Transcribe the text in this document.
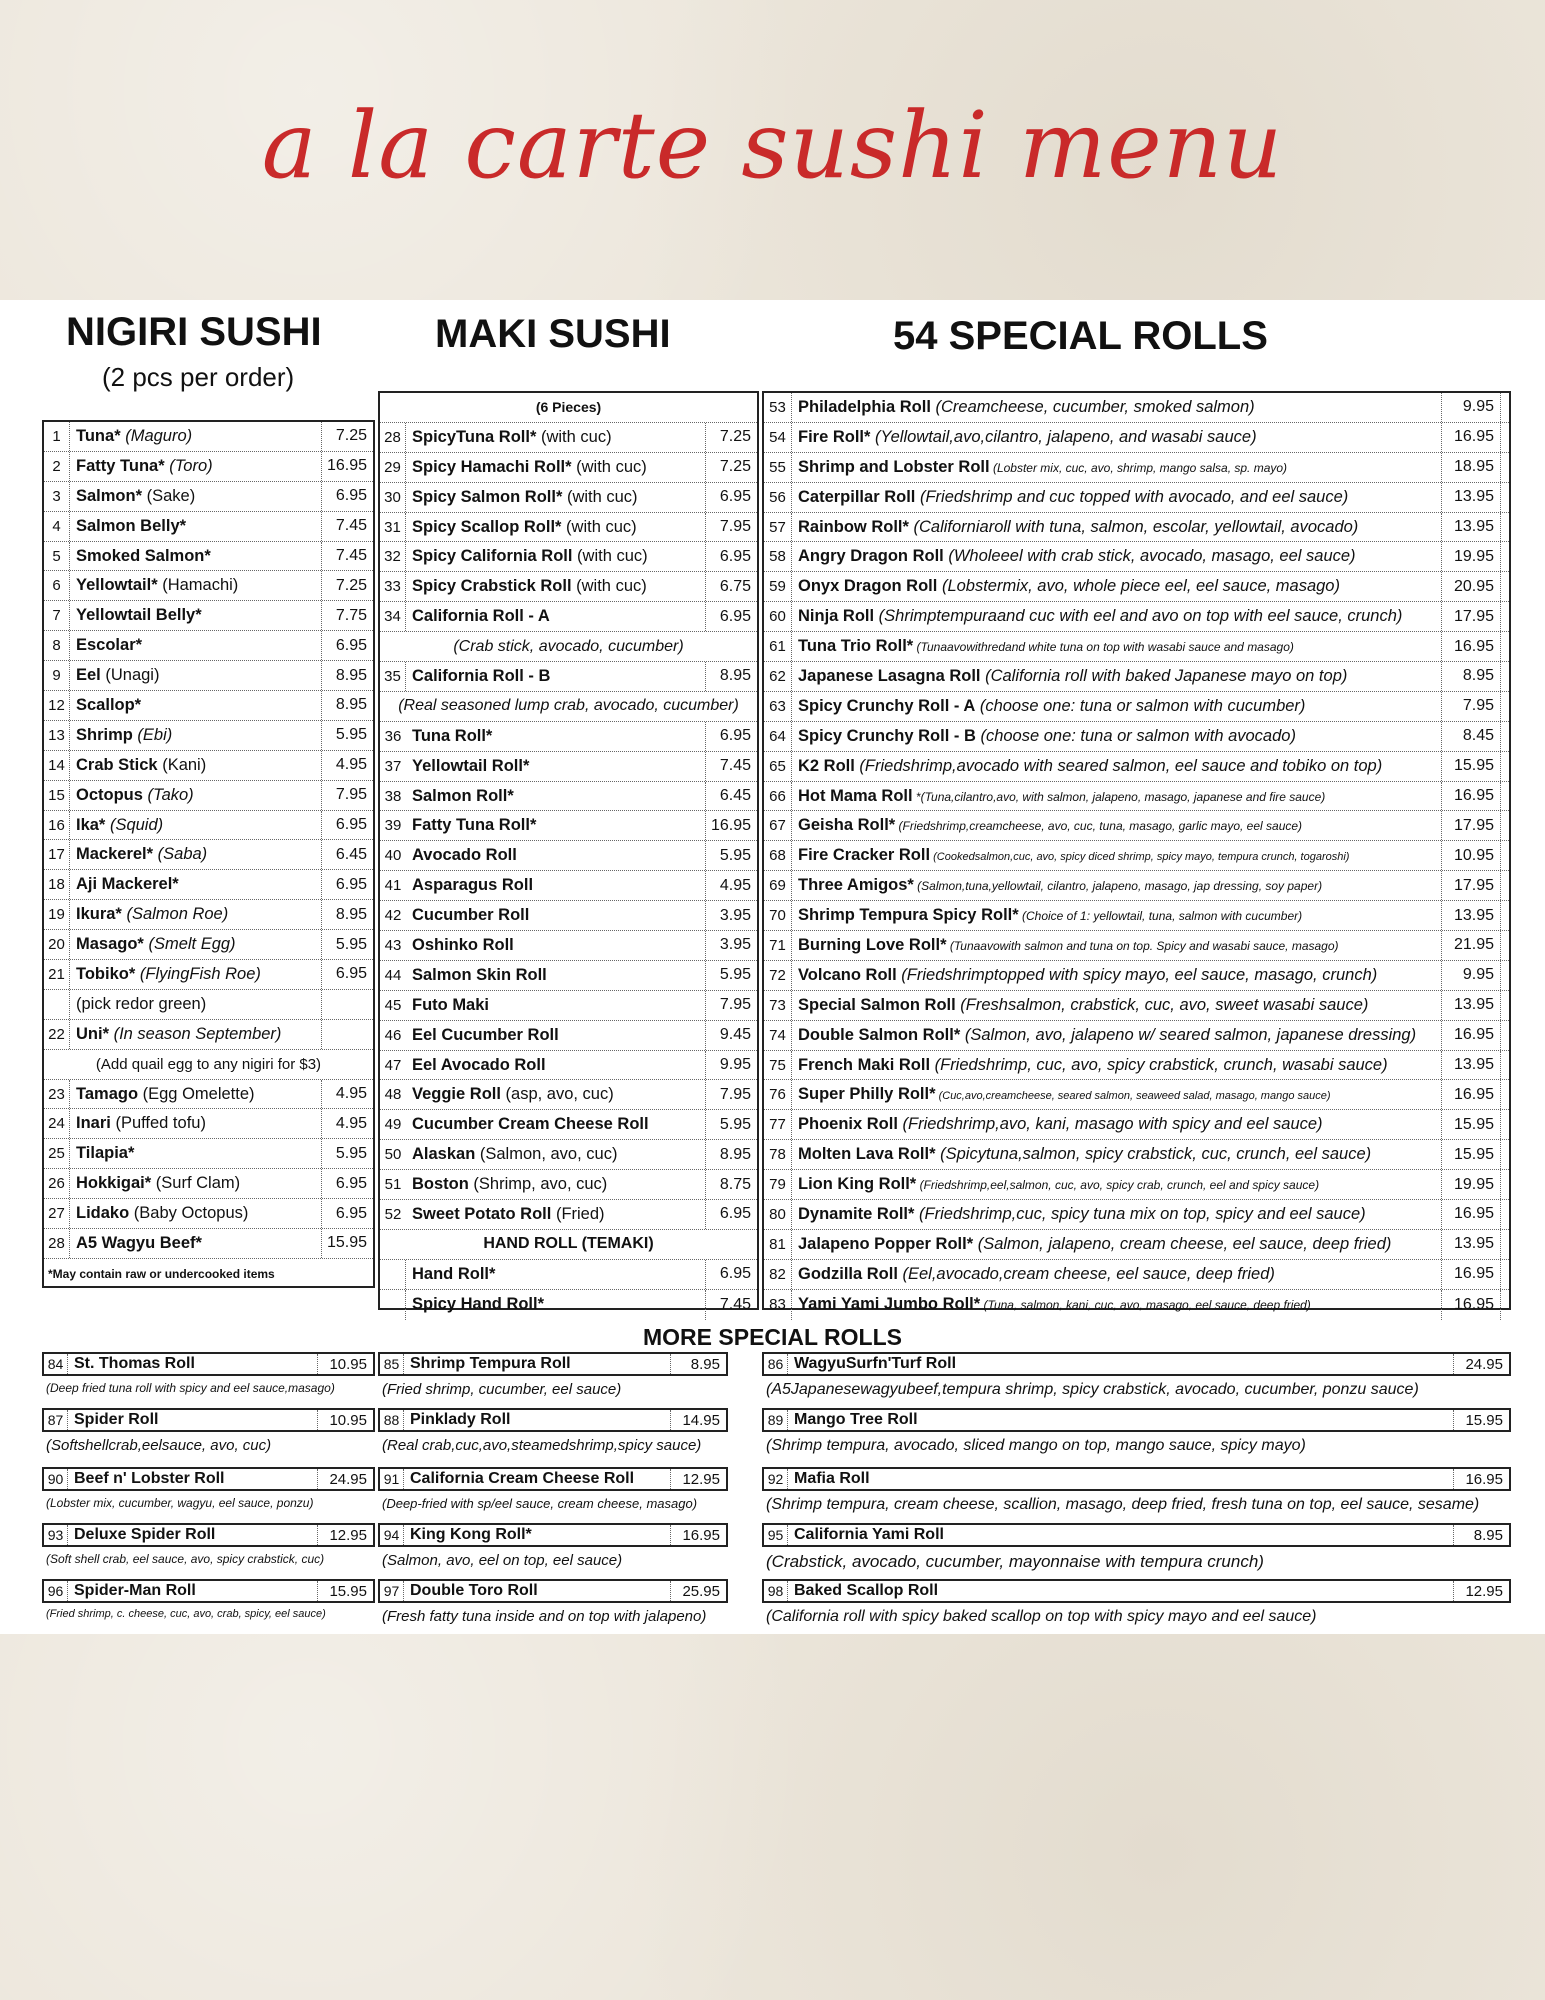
a la carte sushi menu
NIGIRI SUSHI
(2 pcs per order)
MAKI SUSHI	54 SPECIAL ROLLS
1 Tuna* (Maguro)	7.25
2 Fatty Tuna* (Toro)	16.95
3 Salmon* (Sake)	6.95
4 Salmon Belly*	7.45
5 Smoked Salmon*	7.45
6 Yellowtail* (Hamachi)	7.25
7 Yellowtail Belly*	7.75
8 Escolar*	6.95
9 Eel (Unagi)	8.95
12 Scallop*	8.95
13 Shrimp (Ebi)	5.95
14 Crab Stick (Kani)	4.95
15 Octopus (Tako)	7.95
16 Ika* (Squid)	6.95
17 Mackerel* (Saba)	6.45
18 Aji Mackerel*	6.95
19 Ikura* (Salmon Roe)	8.95
20 Masago* (Smelt Egg)	5.95
21 Tobiko* (FlyingFish Roe)	6.95
(pick redor green)
22 Uni* (In season September)
(Add quail egg to any nigiri for $3)
23 Tamago (Egg Omelette)	4.95
24 Inari (Puffed tofu)	4.95
25 Tilapia*	5.95
26 Hokkigai* (Surf Clam)	6.95
27 Lidako (Baby Octopus)	6.95
28 A5 Wagyu Beef*	15.95
*May contain raw or undercooked items
(6 Pieces)
28 SpicyTuna Roll* (with cuc)	7.25
29 Spicy Hamachi Roll* (with cuc)	7.25
30 Spicy Salmon Roll* (with cuc)	6.95
31 Spicy Scallop Roll* (with cuc)	7.95
32 Spicy California Roll (with cuc)	6.95
33 Spicy Crabstick Roll (with cuc)	6.75
34 California Roll - A	6.95
(Crab stick, avocado, cucumber)
35 California Roll - B	8.95
(Real seasoned lump crab, avocado, cucumber)
36 Tuna Roll*	6.95
37 Yellowtail Roll*	7.45
38 Salmon Roll*	6.45
39 Fatty Tuna Roll*	16.95
40 Avocado Roll	5.95
41 Asparagus Roll	4.95
42 Cucumber Roll	3.95
43 Oshinko Roll	3.95
44 Salmon Skin Roll	5.95
45 Futo Maki	7.95
46 Eel Cucumber Roll	9.45
47 Eel Avocado Roll	9.95
48 Veggie Roll (asp, avo, cuc)	7.95
49 Cucumber Cream Cheese Roll	5.95
50 Alaskan (Salmon, avo, cuc)	8.95
51 Boston (Shrimp, avo, cuc)	8.75
52 Sweet Potato Roll (Fried)	6.95
HAND ROLL (TEMAKI)
Hand Roll*	6.95
Spicy Hand Roll*	7.45
53 Philadelphia Roll (Creamcheese, cucumber, smoked salmon)	9.95
54 Fire Roll* (Yellowtail,avo,cilantro, jalapeno, and wasabi sauce)	16.95
55 Shrimp and Lobster Roll (Lobster mix, cuc, avo, shrimp, mango salsa, sp. mayo)	18.95
56 Caterpillar Roll (Friedshrimp and cuc topped with avocado, and eel sauce)	13.95
57 Rainbow Roll* (Californiaroll with tuna, salmon, escolar, yellowtail, avocado)	13.95
58 Angry Dragon Roll (Wholeeel with crab stick, avocado, masago, eel sauce)	19.95
59 Onyx Dragon Roll (Lobstermix, avo, whole piece eel, eel sauce, masago)	20.95
60 Ninja Roll (Shrimptempuraand cuc with eel and avo on top with eel sauce, crunch)	17.95
61 Tuna Trio Roll* (Tunaavowithredand white tuna on top with wasabi sauce and masago)	16.95
62 Japanese Lasagna Roll (California roll with baked Japanese mayo on top)	8.95
63 Spicy Crunchy Roll - A (choose one: tuna or salmon with cucumber)	7.95
64 Spicy Crunchy Roll - B (choose one: tuna or salmon with avocado)	8.45
65 K2 Roll (Friedshrimp,avocado with seared salmon, eel sauce and tobiko on top)	15.95
66 Hot Mama Roll *(Tuna,cilantro,avo, with salmon, jalapeno, masago, japanese and fire sauce)	16.95
67 Geisha Roll* (Friedshrimp,creamcheese, avo, cuc, tuna, masago, garlic mayo, eel sauce)	17.95
68 Fire Cracker Roll (Cookedsalmon,cuc, avo, spicy diced shrimp, spicy mayo, tempura crunch, togaroshi)	10.95
69 Three Amigos* (Salmon,tuna,yellowtail, cilantro, jalapeno, masago, jap dressing, soy paper)	17.95
70 Shrimp Tempura Spicy Roll* (Choice of 1: yellowtail, tuna, salmon with cucumber)	13.95
71 Burning Love Roll* (Tunaavowith salmon and tuna on top. Spicy and wasabi sauce, masago)	21.95
72 Volcano Roll (Friedshrimptopped with spicy mayo, eel sauce, masago, crunch)	9.95
73 Special Salmon Roll (Freshsalmon, crabstick, cuc, avo, sweet wasabi sauce)	13.95
74 Double Salmon Roll* (Salmon, avo, jalapeno w/ seared salmon, japanese dressing)	16.95
75 French Maki Roll (Friedshrimp, cuc, avo, spicy crabstick, crunch, wasabi sauce)	13.95
76 Super Philly Roll* (Cuc,avo,creamcheese, seared salmon, seaweed salad, masago, mango sauce)	16.95
77 Phoenix Roll (Friedshrimp,avo, kani, masago with spicy and eel sauce)	15.95
78 Molten Lava Roll* (Spicytuna,salmon, spicy crabstick, cuc, crunch, eel sauce)	15.95
79 Lion King Roll* (Friedshrimp,eel,salmon, cuc, avo, spicy crab, crunch, eel and spicy sauce)	19.95
80 Dynamite Roll* (Friedshrimp,cuc, spicy tuna mix on top, spicy and eel sauce)	16.95
81 Jalapeno Popper Roll* (Salmon, jalapeno, cream cheese, eel sauce, deep fried)	13.95
82 Godzilla Roll (Eel,avocado,cream cheese, eel sauce, deep fried)	16.95
83 Yami Yami Jumbo Roll* (Tuna, salmon, kani, cuc, avo, masago, eel sauce, deep fried)	16.95
MORE SPECIAL ROLLS
84 St. Thomas Roll	10.95
(Deep fried tuna roll with spicy and eel sauce,masago)
85 Shrimp Tempura Roll	8.95
(Fried shrimp, cucumber, eel sauce)
86 WagyuSurfn'Turf Roll	24.95
(A5Japanesewagyubeef,tempura shrimp, spicy crabstick, avocado, cucumber, ponzu sauce)
87 Spider Roll	10.95
(Softshellcrab,eelsauce, avo, cuc)
88 Pinklady Roll	14.95
(Real crab,cuc,avo,steamedshrimp,spicy sauce)
89 Mango Tree Roll	15.95
(Shrimp tempura, avocado, sliced mango on top, mango sauce, spicy mayo)
90 Beef n' Lobster Roll	24.95
(Lobster mix, cucumber, wagyu, eel sauce, ponzu)
91 California Cream Cheese Roll	12.95
(Deep-fried with sp/eel sauce, cream cheese, masago)
92 Mafia Roll	16.95
(Shrimp tempura, cream cheese, scallion, masago, deep fried, fresh tuna on top, eel sauce, sesame)
93 Deluxe Spider Roll	12.95
(Soft shell crab, eel sauce, avo, spicy crabstick, cuc)
94 King Kong Roll*	16.95
(Salmon, avo, eel on top, eel sauce)
95 California Yami Roll	8.95
(Crabstick, avocado, cucumber, mayonnaise with tempura crunch)
96 Spider-Man Roll	15.95
(Fried shrimp, c. cheese, cuc, avo, crab, spicy, eel sauce)
97 Double Toro Roll	25.95
(Fresh fatty tuna inside and on top with jalapeno)
98 Baked Scallop Roll	12.95
(California roll with spicy baked scallop on top with spicy mayo and eel sauce)
